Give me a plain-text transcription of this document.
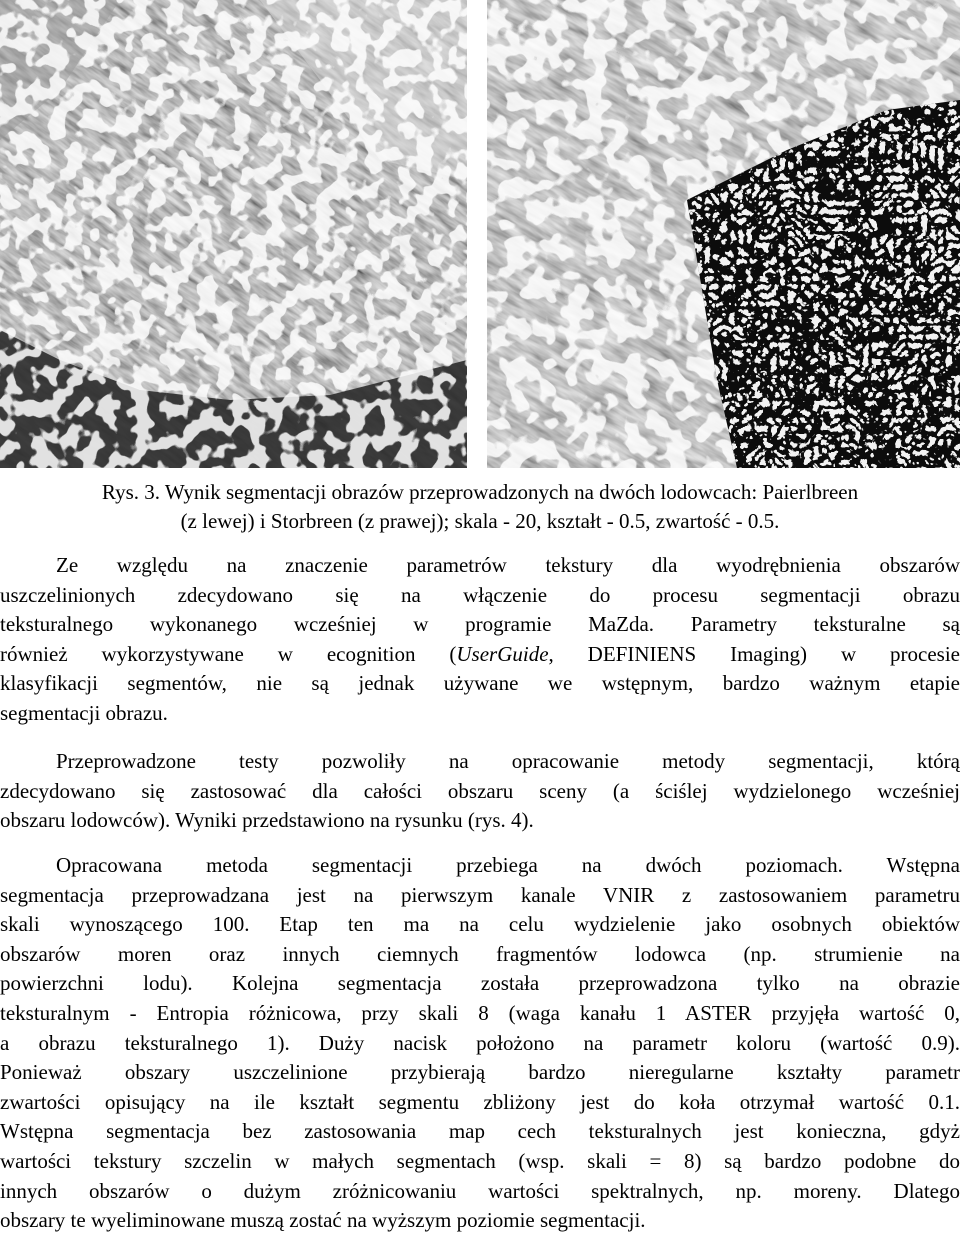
Rys. 3. Wynik segmentacji obrazów przeprowadzonych na dwóch lodowcach: Paierlbreen
(z lewej) i Storbreen (z prawej); skala - 20, kształt - 0.5, zwartość - 0.5.
Ze względu na znaczenie parametrów tekstury dla wyodrębnienia obszarów
uszczelinionych zdecydowano się na włączenie do procesu segmentacji obrazu
teksturalnego wykonanego wcześniej w programie MaZda. Parametry teksturalne są
również wykorzystywane w ecognition (UserGuide, DEFINIENS Imaging) w procesie
klasyfikacji segmentów, nie są jednak używane we wstępnym, bardzo ważnym etapie
segmentacji obrazu.
Przeprowadzone testy pozwoliły na opracowanie metody segmentacji, którą
zdecydowano się zastosować dla całości obszaru sceny (a ściślej wydzielonego wcześniej
obszaru lodowców). Wyniki przedstawiono na rysunku (rys. 4).
Opracowana metoda segmentacji przebiega na dwóch poziomach. Wstępna
segmentacja przeprowadzana jest na pierwszym kanale VNIR z zastosowaniem parametru
skali wynoszącego 100. Etap ten ma na celu wydzielenie jako osobnych obiektów
obszarów moren oraz innych ciemnych fragmentów lodowca (np. strumienie na
powierzchni lodu). Kolejna segmentacja została przeprowadzona tylko na obrazie
teksturalnym - Entropia różnicowa, przy skali 8 (waga kanału 1 ASTER przyjęła wartość 0,
a obrazu teksturalnego 1). Duży nacisk położono na parametr koloru (wartość 0.9).
Ponieważ obszary uszczelinione przybierają bardzo nieregularne kształty parametr
zwartości opisujący na ile kształt segmentu zbliżony jest do koła otrzymał wartość 0.1.
Wstępna segmentacja bez zastosowania map cech teksturalnych jest konieczna, gdyż
wartości tekstury szczelin w małych segmentach (wsp. skali = 8) są bardzo podobne do
innych obszarów o dużym zróżnicowaniu wartości spektralnych, np. moreny. Dlatego
obszary te wyeliminowane muszą zostać na wyższym poziomie segmentacji.
